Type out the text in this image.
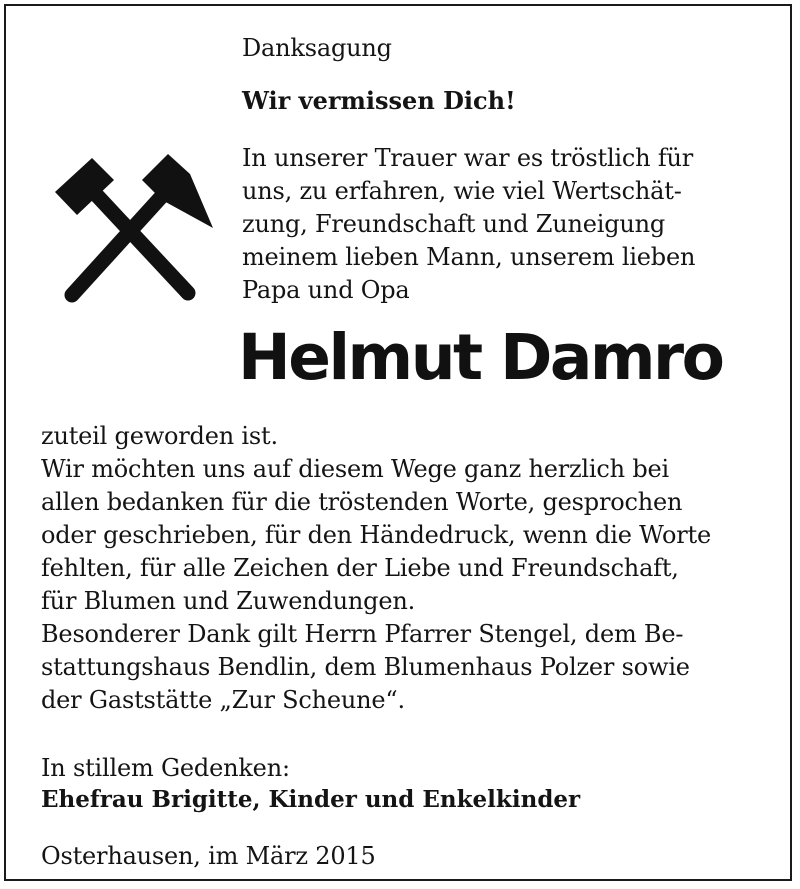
Danksagung
Wir vermissen Dich!
In unserer Trauer war es tröstlich für
uns, zu erfahren, wie viel Wertschät-
zung, Freundschaft und Zuneigung
meinem lieben Mann, unserem lieben
Papa und Opa
Helmut Damro
zuteil geworden ist.
Wir möchten uns auf diesem Wege ganz herzlich bei
allen bedanken für die tröstenden Worte, gesprochen
oder geschrieben, für den Händedruck, wenn die Worte
fehlten, für alle Zeichen der Liebe und Freundschaft,
für Blumen und Zuwendungen.
Besonderer Dank gilt Herrn Pfarrer Stengel, dem Be-
stattungshaus Bendlin, dem Blumenhaus Polzer sowie
der Gaststätte „Zur Scheune“.
In stillem Gedenken:
Ehefrau Brigitte, Kinder und Enkelkinder
Osterhausen, im März 2015
